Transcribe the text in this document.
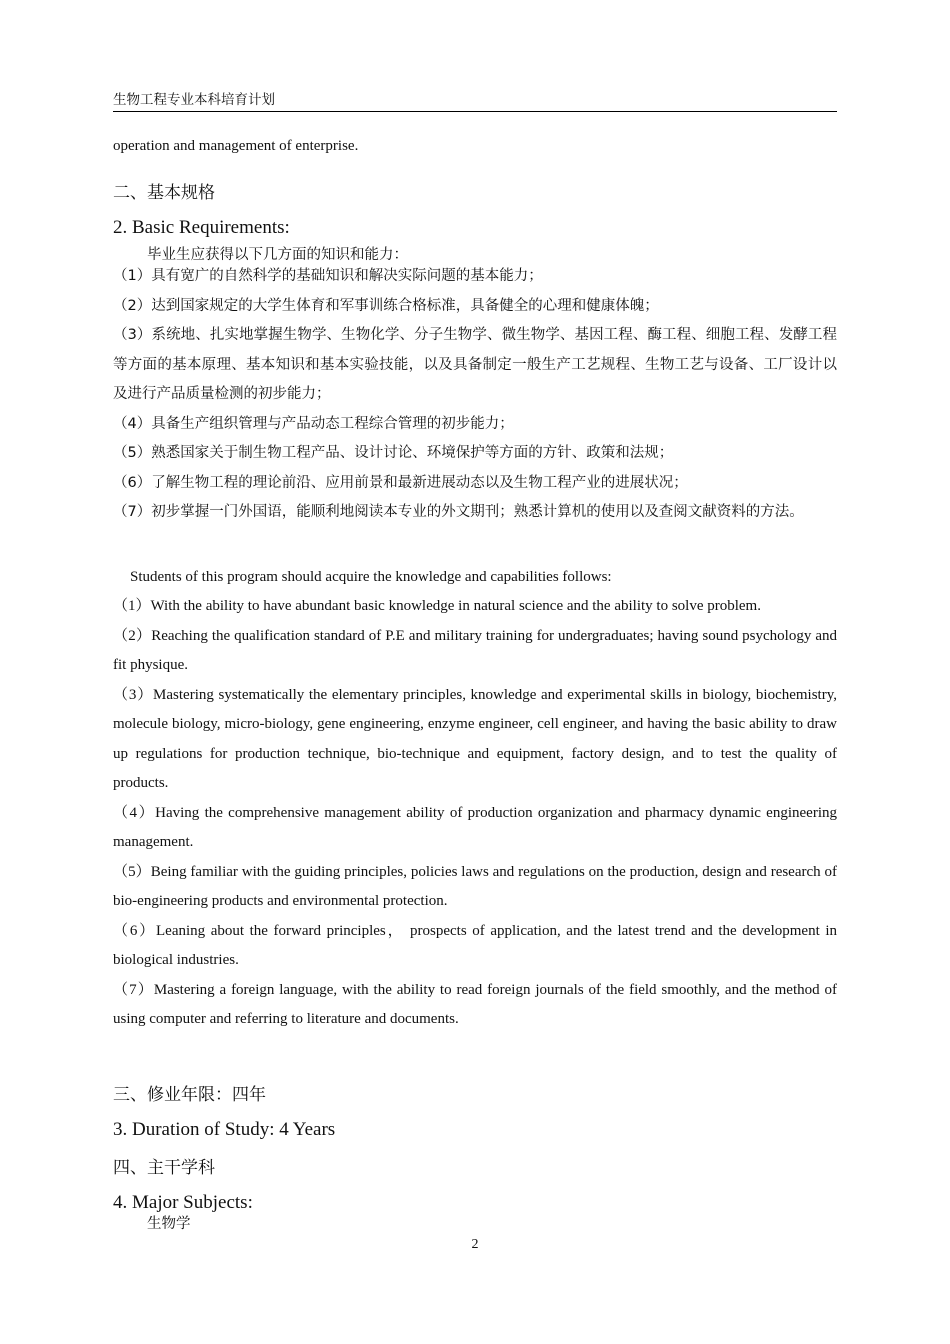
生物工程专业本科培育计划
operation and management of enterprise.
二、基本规格
2. Basic Requirements:
毕业生应获得以下几方面的知识和能力：
（1）具有宽广的自然科学的基础知识和解决实际问题的基本能力；
（2）达到国家规定的大学生体育和军事训练合格标准，具备健全的心理和健康体魄；
（3）系统地、扎实地掌握生物学、生物化学、分子生物学、微生物学、基因工程、酶工程、细胞工程、发酵工程等方面的基本原理、基本知识和基本实验技能，以及具备制定一般生产工艺规程、生物工艺与设备、工厂设计以及进行产品质量检测的初步能力；
（4）具备生产组织管理与产品动态工程综合管理的初步能力；
（5）熟悉国家关于制生物工程产品、设计讨论、环境保护等方面的方针、政策和法规；
（6）了解生物工程的理论前沿、应用前景和最新进展动态以及生物工程产业的进展状况；
（7）初步掌握一门外国语，能顺利地阅读本专业的外文期刊；熟悉计算机的使用以及查阅文献资料的方法。
Students of this program should acquire the knowledge and capabilities follows:
（1）With the ability to have abundant basic knowledge in natural science and the ability to solve problem.
（2）Reaching the qualification standard of P.E and military training for undergraduates; having sound psychology and fit physique.
（3）Mastering systematically the elementary principles, knowledge and experimental skills in biology, biochemistry, molecule biology, micro-biology, gene engineering, enzyme engineer, cell engineer, and having the basic ability to draw up regulations for production technique, bio-technique and equipment, factory design, and to test the quality of products.
（4）Having the comprehensive management ability of production organization and pharmacy dynamic engineering management.
（5）Being familiar with the guiding principles, policies laws and regulations on the production, design and research of bio-engineering products and environmental protection.
（6）Leaning about the forward principles， prospects of application, and the latest trend and the development in biological industries.
（7）Mastering a foreign language, with the ability to read foreign journals of the field smoothly, and the method of using computer and referring to literature and documents.
三、修业年限：四年
3. Duration of Study: 4 Years
四、主干学科
4. Major Subjects:
生物学
2
